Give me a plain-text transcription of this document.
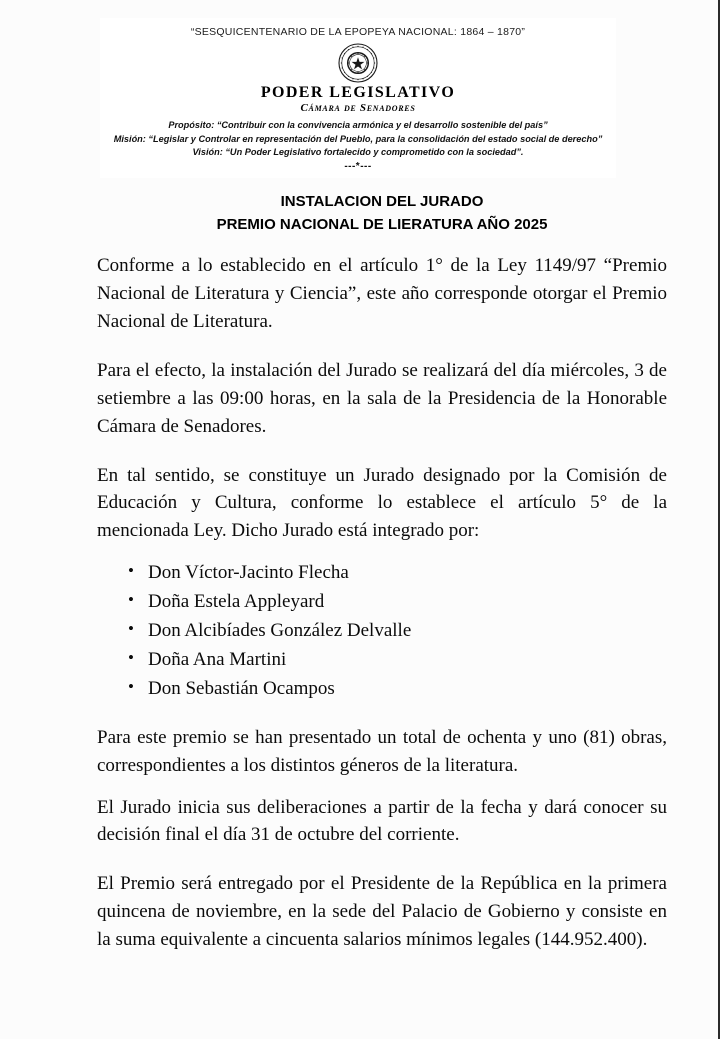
“SESQUICENTENARIO DE LA EPOPEYA NACIONAL: 1864 – 1870”
PODER LEGISLATIVO
Cámara de Senadores
Propósito: “Contribuir con la convivencia armónica y el desarrollo sostenible del país”
Misión: “Legislar y Controlar en representación del Pueblo, para la consolidación del estado social de derecho”
Visión: “Un Poder Legislativo fortalecido y comprometido con la sociedad”.
---*---
INSTALACION DEL JURADO
PREMIO NACIONAL DE LIERATURA AÑO 2025

Conforme a lo establecido en el artículo 1° de la Ley 1149/97 “Premio Nacional de Literatura y Ciencia”, este año corresponde otorgar el Premio Nacional de Literatura.

Para el efecto, la instalación del Jurado se realizará del día miércoles, 3 de setiembre a las 09:00 horas, en la sala de la Presidencia de la Honorable Cámara de Senadores.

En tal sentido, se constituye un Jurado designado por la Comisión de Educación y Cultura, conforme lo establece el artículo 5° de la mencionada Ley. Dicho Jurado está integrado por:

• Don Víctor-Jacinto Flecha
• Doña Estela Appleyard
• Don Alcibíades González Delvalle
• Doña Ana Martini
• Don Sebastián Ocampos

Para este premio se han presentado un total de ochenta y uno (81) obras, correspondientes a los distintos géneros de la literatura.

El Jurado inicia sus deliberaciones a partir de la fecha y dará conocer su decisión final el día 31 de octubre del corriente.

El Premio será entregado por el Presidente de la República en la primera quincena de noviembre, en la sede del Palacio de Gobierno y consiste en la suma equivalente a cincuenta salarios mínimos legales (144.952.400).
